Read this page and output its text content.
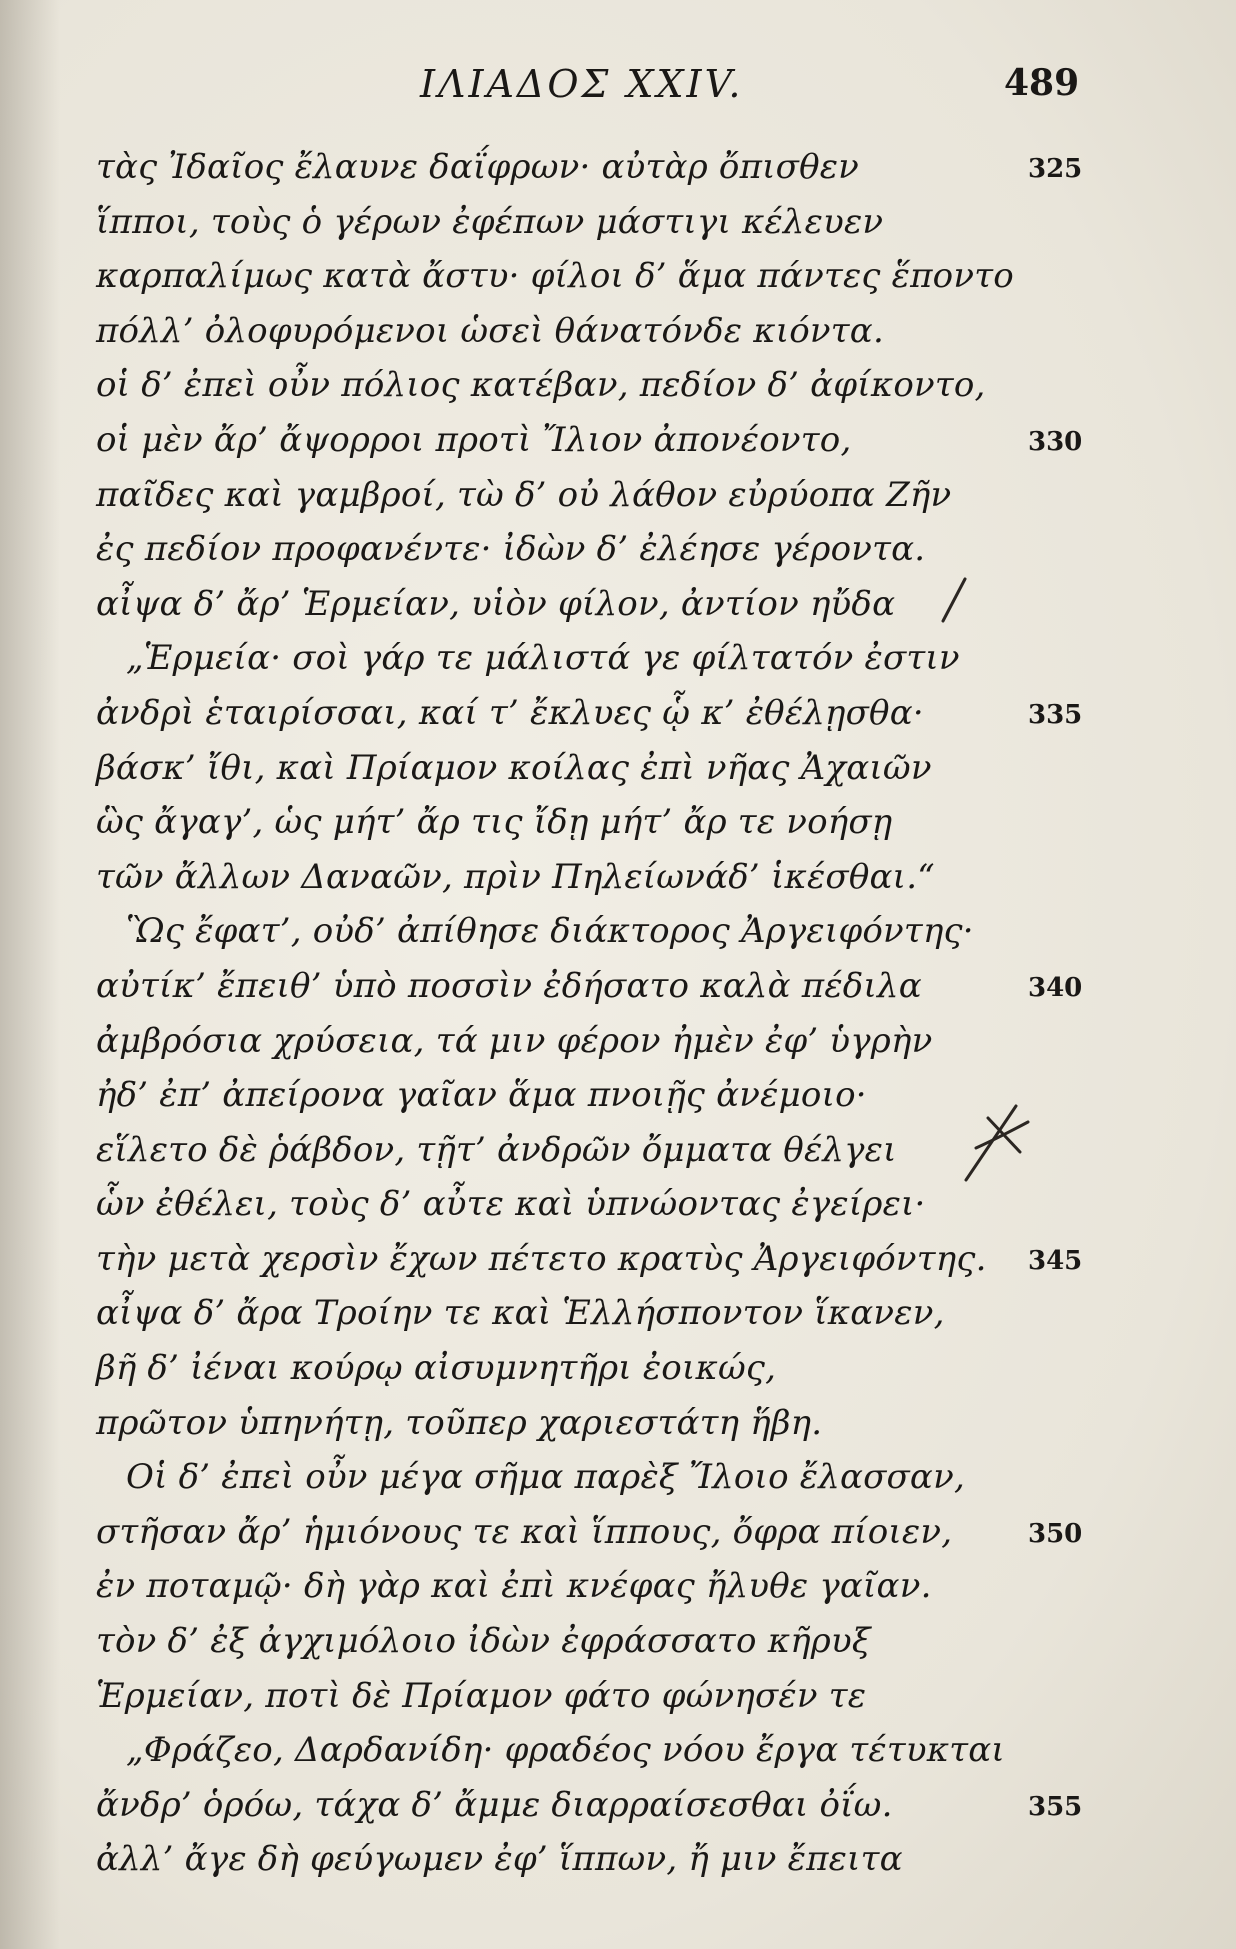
ΙΛΙΑΔΟΣ XXIV.	489
τὰς Ἰδαῖος ἔλαυνε δαΐφρων· αὐτὰρ ὄπισθεν	325
ἵπποι, τοὺς ὁ γέρων ἐφέπων μάστιγι κέλευεν
καρπαλίμως κατὰ ἄστυ· φίλοι δ’ ἅμα πάντες ἕποντο
πόλλ’ ὀλοφυρόμενοι ὡσεὶ θάνατόνδε κιόντα.
οἱ δ’ ἐπεὶ οὖν πόλιος κατέβαν, πεδίον δ’ ἀφίκοντο,
οἱ μὲν ἄρ’ ἄψορροι προτὶ Ἴλιον ἀπονέοντο,	330
παῖδες καὶ γαμβροί, τὼ δ’ οὐ λάθον εὐρύοπα Ζῆν
ἐς πεδίον προφανέντε· ἰδὼν δ’ ἐλέησε γέροντα.
αἶψα δ’ ἄρ’ Ἑρμείαν, υἱὸν φίλον, ἀντίον ηὔδα
„Ἑρμεία· σοὶ γάρ τε μάλιστά γε φίλτατόν ἐστιν
ἀνδρὶ ἑταιρίσσαι, καί τ’ ἔκλυες ᾧ κ’ ἐθέλῃσθα·	335
βάσκ’ ἴθι, καὶ Πρίαμον κοίλας ἐπὶ νῆας Ἀχαιῶν
ὣς ἄγαγ’, ὡς μήτ’ ἄρ τις ἴδῃ μήτ’ ἄρ τε νοήσῃ
τῶν ἄλλων Δαναῶν, πρὶν Πηλείωνάδ’ ἱκέσθαι.“
Ὣς ἔφατ’, οὐδ’ ἀπίθησε διάκτορος Ἀργειφόντης·
αὐτίκ’ ἔπειθ’ ὑπὸ ποσσὶν ἐδήσατο καλὰ πέδιλα	340
ἀμβρόσια χρύσεια, τά μιν φέρον ἠμὲν ἐφ’ ὑγρὴν
ἠδ’ ἐπ’ ἀπείρονα γαῖαν ἅμα πνοιῇς ἀνέμοιο·
εἵλετο δὲ ῥάβδον, τῇτ’ ἀνδρῶν ὄμματα θέλγει
ὧν ἐθέλει, τοὺς δ’ αὖτε καὶ ὑπνώοντας ἐγείρει·
τὴν μετὰ χερσὶν ἔχων πέτετο κρατὺς Ἀργειφόντης. 345
αἶψα δ’ ἄρα Τροίην τε καὶ Ἑλλήσποντον ἵκανεν,
βῆ δ’ ἰέναι κούρῳ αἰσυμνητῆρι ἐοικώς,
πρῶτον ὑπηνήτῃ, τοῦπερ χαριεστάτη ἥβη.
Οἱ δ’ ἐπεὶ οὖν μέγα σῆμα παρὲξ Ἴλοιο ἔλασσαν,
στῆσαν ἄρ’ ἡμιόνους τε καὶ ἵππους, ὄφρα πίοιεν,	350
ἐν ποταμῷ· δὴ γὰρ καὶ ἐπὶ κνέφας ἤλυθε γαῖαν.
τὸν δ’ ἐξ ἀγχιμόλοιο ἰδὼν ἐφράσσατο κῆρυξ
Ἑρμείαν, ποτὶ δὲ Πρίαμον φάτο φώνησέν τε
„Φράζεο, Δαρδανίδη· φραδέος νόου ἔργα τέτυκται
ἄνδρ’ ὁρόω, τάχα δ’ ἄμμε διαρραίσεσθαι ὀΐω.	355
ἀλλ’ ἄγε δὴ φεύγωμεν ἐφ’ ἵππων, ἤ μιν ἔπειτα
